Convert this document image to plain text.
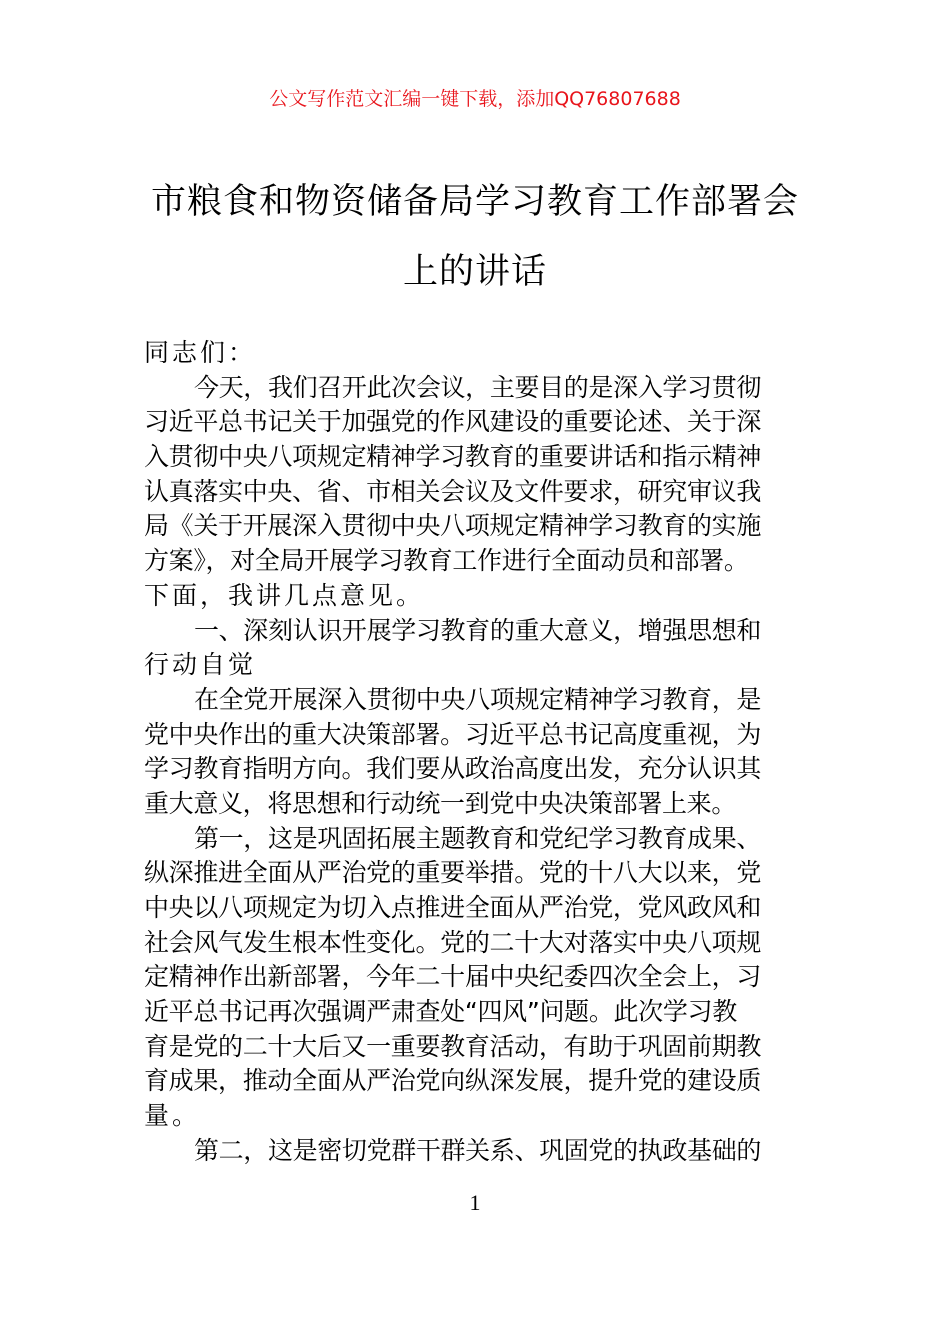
公文写作范文汇编一键下载，添加QQ76807688
市粮食和物资储备局学习教育工作部署会
上的讲话
同志们：
今天，我们召开此次会议，主要目的是深入学习贯彻
习近平总书记关于加强党的作风建设的重要论述、关于深
入贯彻中央八项规定精神学习教育的重要讲话和指示精神
认真落实中央、省、市相关会议及文件要求，研究审议我
局《关于开展深入贯彻中央八项规定精神学习教育的实施
方案》，对全局开展学习教育工作进行全面动员和部署。
下面，我讲几点意见。
一、深刻认识开展学习教育的重大意义，增强思想和
行动自觉
在全党开展深入贯彻中央八项规定精神学习教育，是
党中央作出的重大决策部署。习近平总书记高度重视，为
学习教育指明方向。我们要从政治高度出发，充分认识其
重大意义，将思想和行动统一到党中央决策部署上来。
第一，这是巩固拓展主题教育和党纪学习教育成果、
纵深推进全面从严治党的重要举措。党的十八大以来，党
中央以八项规定为切入点推进全面从严治党，党风政风和
社会风气发生根本性变化。党的二十大对落实中央八项规
定精神作出新部署，今年二十届中央纪委四次全会上，习
近平总书记再次强调严肃查处“四风”问题。此次学习教
育是党的二十大后又一重要教育活动，有助于巩固前期教
育成果，推动全面从严治党向纵深发展，提升党的建设质
量。
第二，这是密切党群干群关系、巩固党的执政基础的
1
